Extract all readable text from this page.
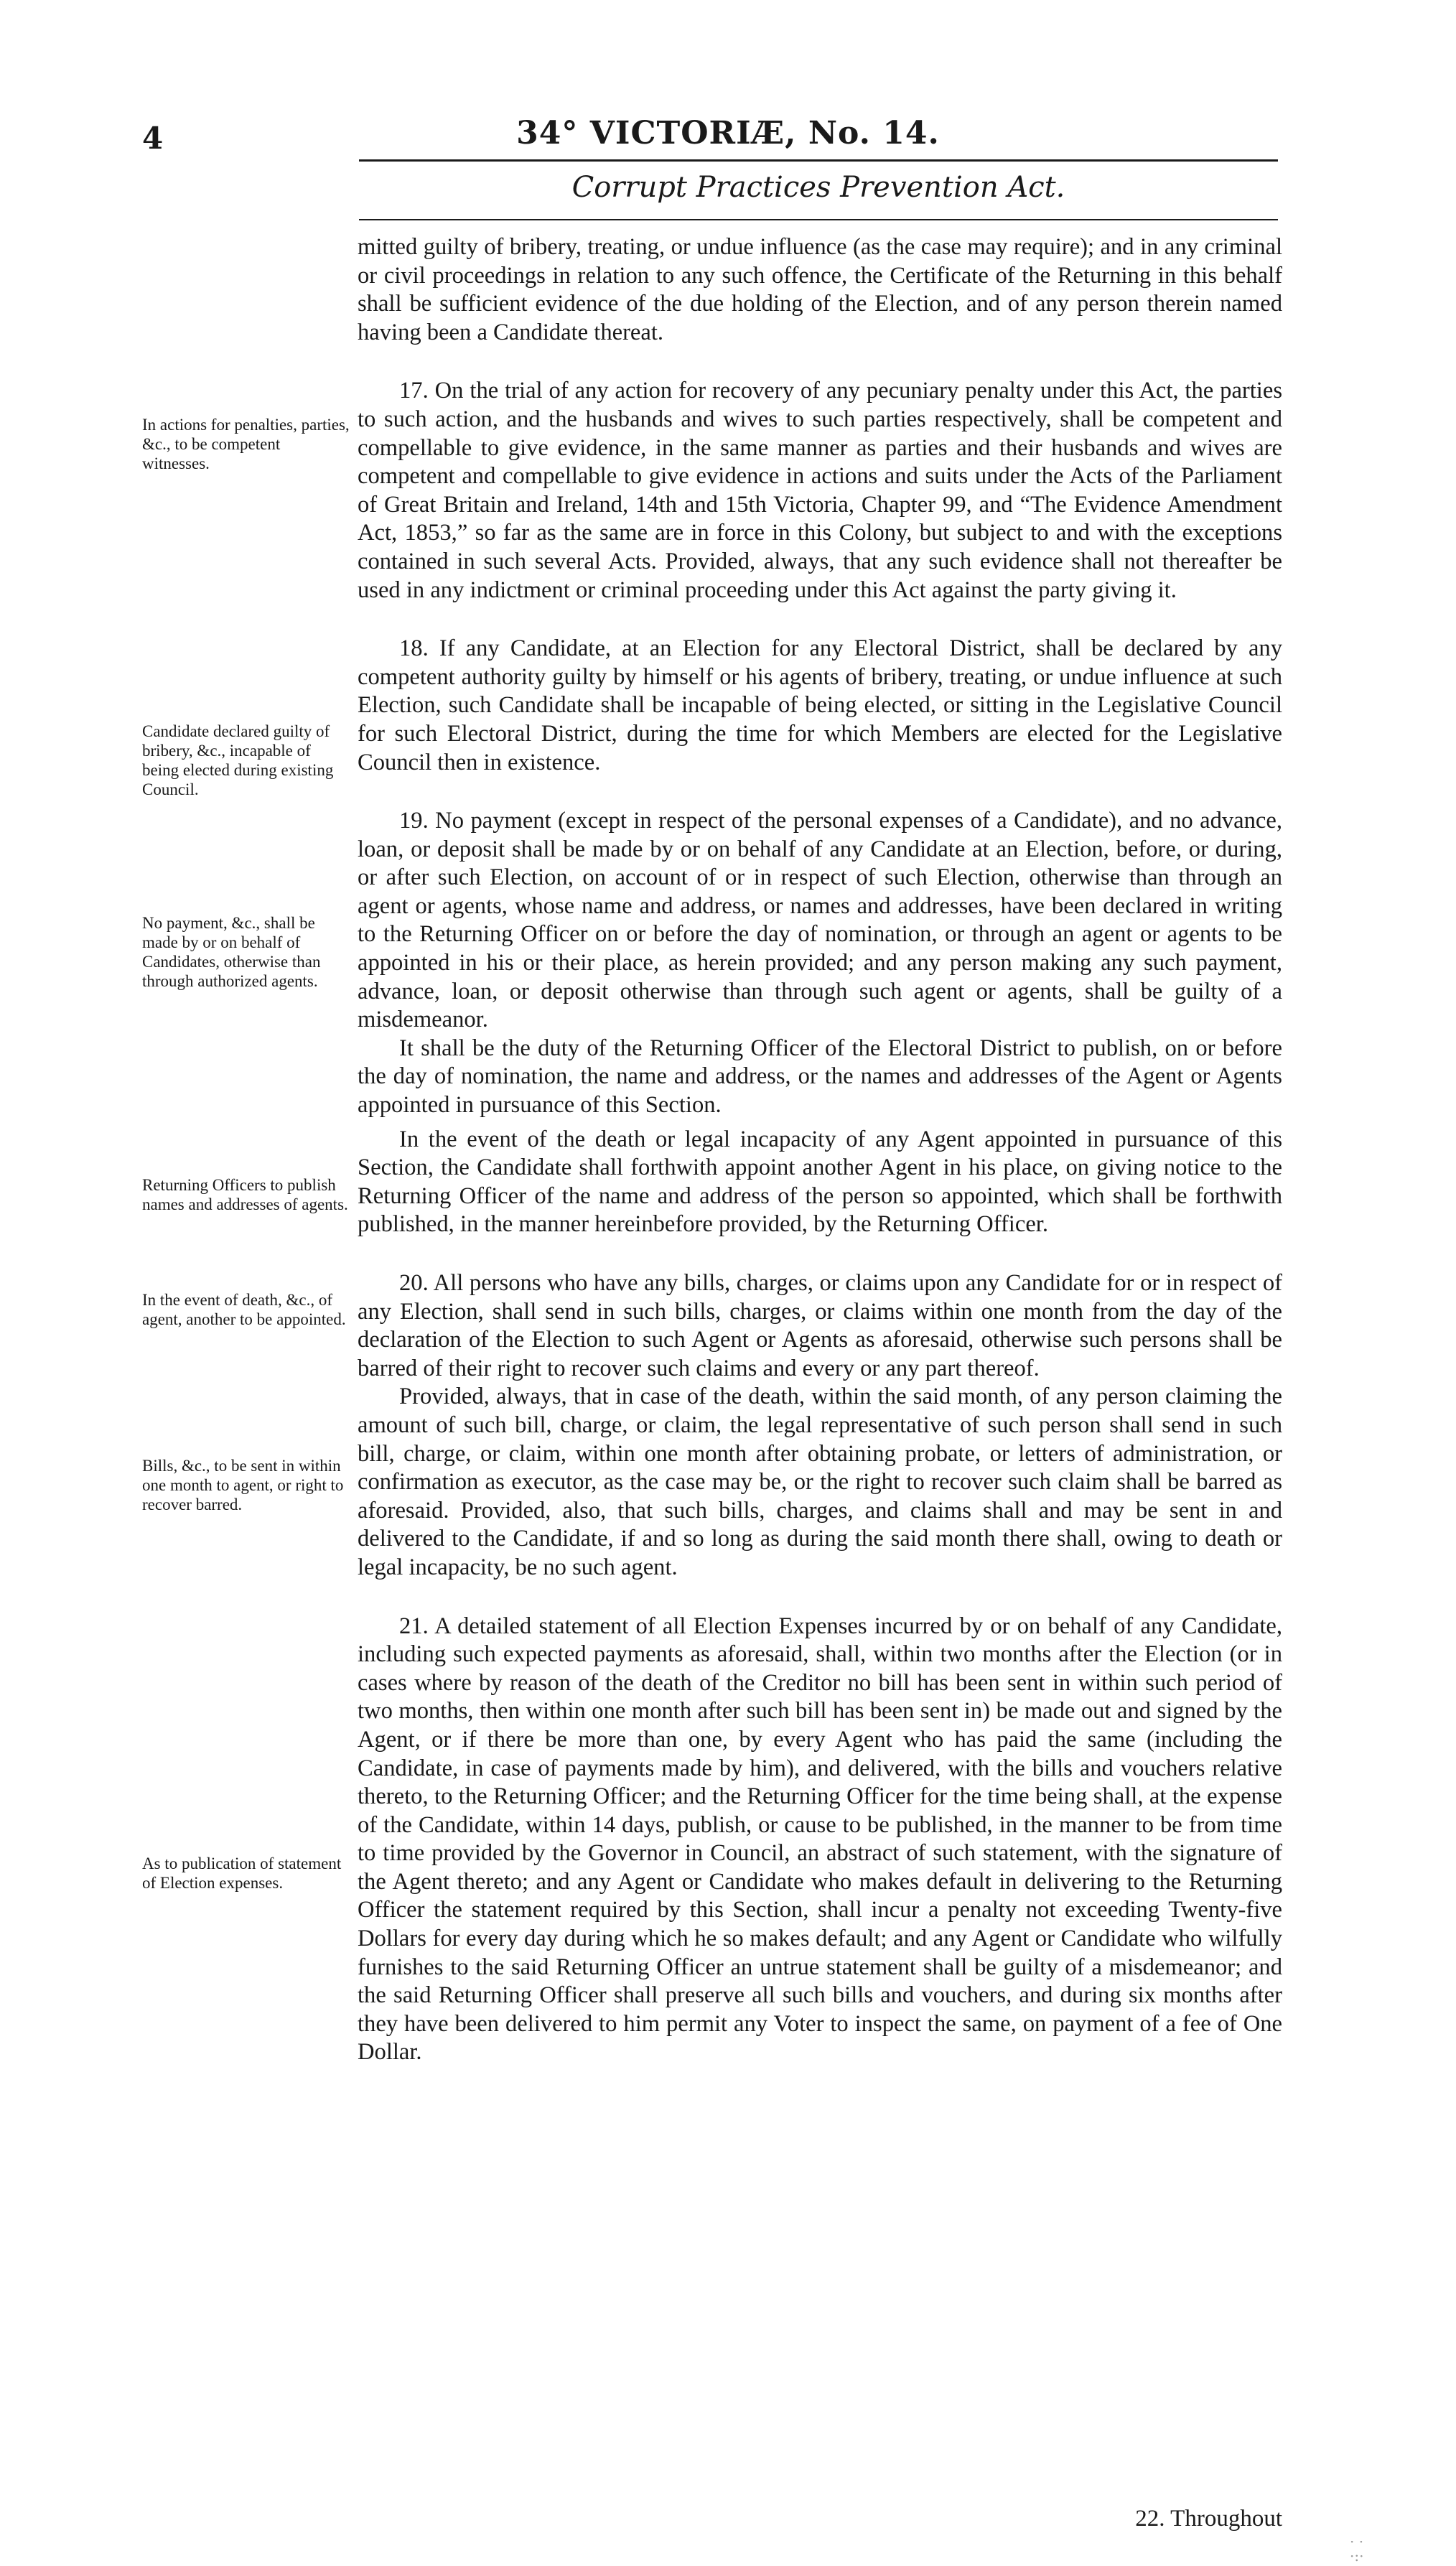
4	34° VICTORIÆ, No. 14.
Corrupt Practices Prevention Act.
In actions for penalties, parties, &c., to be competent witnesses.
Candidate declared guilty of bribery, &c., incapable of being elected during existing Council.
No payment, &c., shall be made by or on behalf of Candidates, otherwise than through authorized agents.
Returning Officers to publish names and addresses of agents.
In the event of death, &c., of agent, another to be appointed.
Bills, &c., to be sent in within one month to agent, or right to recover barred.
As to publication of statement of Election expenses.

mitted guilty of bribery, treating, or undue influence (as the case may require); and in any criminal or civil proceedings in relation to any such offence, the Certificate of the Returning in this behalf shall be sufficient evidence of the due holding of the Election, and of any person therein named having been a Candidate thereat.

17. On the trial of any action for recovery of any pecuniary penalty under this Act, the parties to such action, and the husbands and wives to such parties respectively, shall be competent and compellable to give evidence, in the same manner as parties and their husbands and wives are competent and compellable to give evidence in actions and suits under the Acts of the Parliament of Great Britain and Ireland, 14th and 15th Victoria, Chapter 99, and “The Evidence Amendment Act, 1853,” so far as the same are in force in this Colony, but subject to and with the exceptions contained in such several Acts. Provided, always, that any such evidence shall not thereafter be used in any indictment or criminal proceeding under this Act against the party giving it.

18. If any Candidate, at an Election for any Electoral District, shall be declared by any competent authority guilty by himself or his agents of bribery, treating, or undue influence at such Election, such Candidate shall be incapable of being elected, or sitting in the Legislative Council for such Electoral District, during the time for which Members are elected for the Legislative Council then in existence.

19. No payment (except in respect of the personal expenses of a Candidate), and no advance, loan, or deposit shall be made by or on behalf of any Candidate at an Election, before, or during, or after such Election, on account of or in respect of such Election, otherwise than through an agent or agents, whose name and address, or names and addresses, have been declared in writing to the Returning Officer on or before the day of nomination, or through an agent or agents to be appointed in his or their place, as herein provided; and any person making any such payment, advance, loan, or deposit otherwise than through such agent or agents, shall be guilty of a misdemeanor.

It shall be the duty of the Returning Officer of the Electoral District to publish, on or before the day of nomination, the name and address, or the names and addresses of the Agent or Agents appointed in pursuance of this Section.

In the event of the death or legal incapacity of any Agent appointed in pursuance of this Section, the Candidate shall forthwith appoint another Agent in his place, on giving notice to the Returning Officer of the name and address of the person so appointed, which shall be forthwith published, in the manner hereinbefore provided, by the Returning Officer.

20. All persons who have any bills, charges, or claims upon any Candidate for or in respect of any Election, shall send in such bills, charges, or claims within one month from the day of the declaration of the Election to such Agent or Agents as aforesaid, otherwise such persons shall be barred of their right to recover such claims and every or any part thereof.

Provided, always, that in case of the death, within the said month, of any person claiming the amount of such bill, charge, or claim, the legal representative of such person shall send in such bill, charge, or claim, within one month after obtaining probate, or letters of administration, or confirmation as executor, as the case may be, or the right to recover such claim shall be barred as aforesaid. Provided, also, that such bills, charges, and claims shall and may be sent in and delivered to the Candidate, if and so long as during the said month there shall, owing to death or legal incapacity, be no such agent.

21. A detailed statement of all Election Expenses incurred by or on behalf of any Candidate, including such expected payments as aforesaid, shall, within two months after the Election (or in cases where by reason of the death of the Creditor no bill has been sent in within such period of two months, then within one month after such bill has been sent in) be made out and signed by the Agent, or if there be more than one, by every Agent who has paid the same (including the Candidate, in case of payments made by him), and delivered, with the bills and vouchers relative thereto, to the Returning Officer; and the Returning Officer for the time being shall, at the expense of the Candidate, within 14 days, publish, or cause to be published, in the manner to be from time to time provided by the Governor in Council, an abstract of such statement, with the signature of the Agent thereto; and any Agent or Candidate who makes default in delivering to the Returning Officer the statement required by this Section, shall incur a penalty not exceeding Twenty-five Dollars for every day during which he so makes default; and any Agent or Candidate who wilfully furnishes to the said Returning Officer an untrue statement shall be guilty of a misdemeanor; and the said Returning Officer shall preserve all such bills and vouchers, and during six months after they have been delivered to him permit any Voter to inspect the same, on payment of a fee of One Dollar.

22. Throughout
· ·
·:·
